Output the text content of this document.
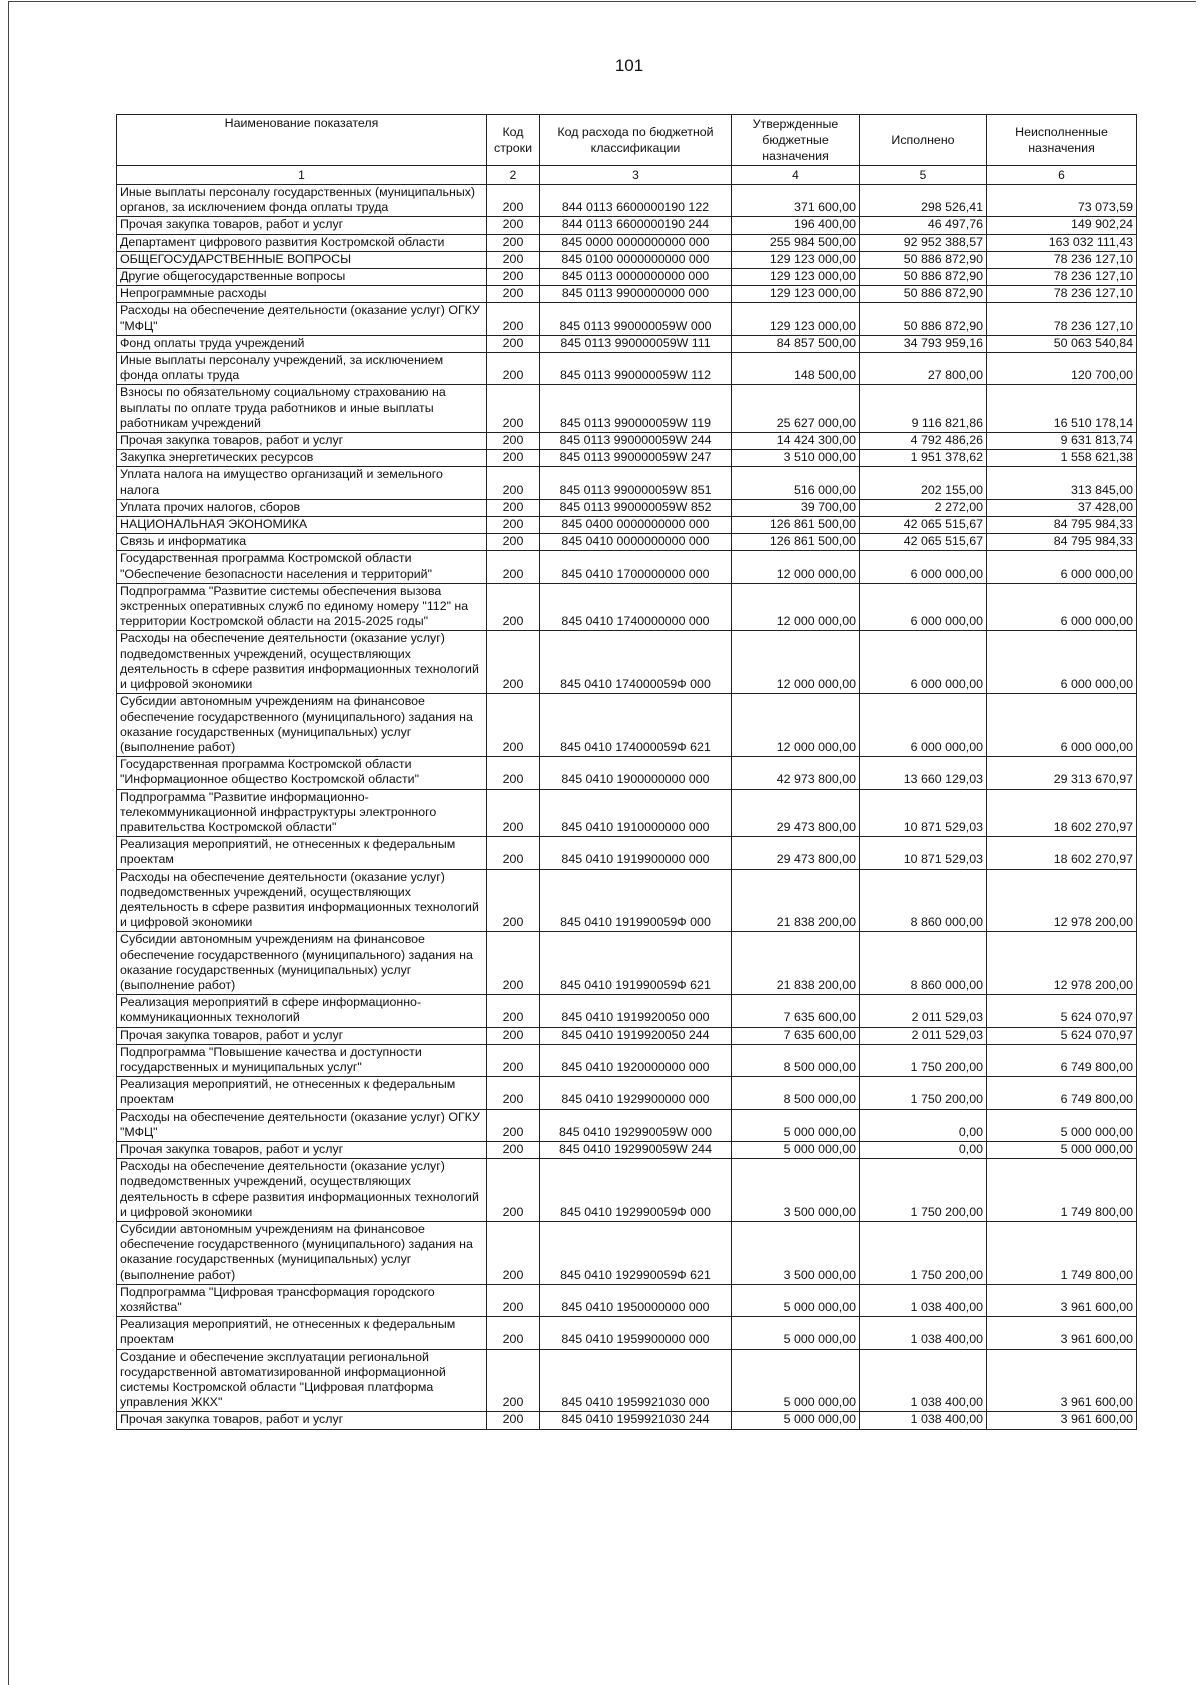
101
Наименование показателя	Код строки	Код расхода по бюджетной классификации	Утвержденные бюджетные назначения	Исполнено	Неисполненные назначения
1	2	3	4	5	6
Иные выплаты персоналу государственных (муниципальных) органов, за исключением фонда оплаты труда	200	844 0113 6600000190 122	371 600,00	298 526,41	73 073,59
Прочая закупка товаров, работ и услуг	200	844 0113 6600000190 244	196 400,00	46 497,76	149 902,24
Департамент цифрового развития Костромской области	200	845 0000 0000000000 000	255 984 500,00	92 952 388,57	163 032 111,43
ОБЩЕГОСУДАРСТВЕННЫЕ ВОПРОСЫ	200	845 0100 0000000000 000	129 123 000,00	50 886 872,90	78 236 127,10
Другие общегосударственные вопросы	200	845 0113 0000000000 000	129 123 000,00	50 886 872,90	78 236 127,10
Непрограммные расходы	200	845 0113 9900000000 000	129 123 000,00	50 886 872,90	78 236 127,10
Расходы на обеспечение деятельности (оказание услуг) ОГКУ "МФЦ"	200	845 0113 990000059W 000	129 123 000,00	50 886 872,90	78 236 127,10
Фонд оплаты труда учреждений	200	845 0113 990000059W 111	84 857 500,00	34 793 959,16	50 063 540,84
Иные выплаты персоналу учреждений, за исключением фонда оплаты труда	200	845 0113 990000059W 112	148 500,00	27 800,00	120 700,00
Взносы по обязательному социальному страхованию на выплаты по оплате труда работников и иные выплаты работникам учреждений	200	845 0113 990000059W 119	25 627 000,00	9 116 821,86	16 510 178,14
Прочая закупка товаров, работ и услуг	200	845 0113 990000059W 244	14 424 300,00	4 792 486,26	9 631 813,74
Закупка энергетических ресурсов	200	845 0113 990000059W 247	3 510 000,00	1 951 378,62	1 558 621,38
Уплата налога на имущество организаций и земельного налога	200	845 0113 990000059W 851	516 000,00	202 155,00	313 845,00
Уплата прочих налогов, сборов	200	845 0113 990000059W 852	39 700,00	2 272,00	37 428,00
НАЦИОНАЛЬНАЯ ЭКОНОМИКА	200	845 0400 0000000000 000	126 861 500,00	42 065 515,67	84 795 984,33
Связь и информатика	200	845 0410 0000000000 000	126 861 500,00	42 065 515,67	84 795 984,33
Государственная программа Костромской области "Обеспечение безопасности населения и территорий"	200	845 0410 1700000000 000	12 000 000,00	6 000 000,00	6 000 000,00
Подпрограмма "Развитие системы обеспечения вызова экстренных оперативных служб по единому номеру "112" на территории Костромской области на 2015-2025 годы"	200	845 0410 1740000000 000	12 000 000,00	6 000 000,00	6 000 000,00
Расходы на обеспечение деятельности (оказание услуг) подведомственных учреждений, осуществляющих деятельность в сфере развития информационных технологий и цифровой экономики	200	845 0410 174000059Ф 000	12 000 000,00	6 000 000,00	6 000 000,00
Субсидии автономным учреждениям на финансовое обеспечение государственного (муниципального) задания на оказание государственных (муниципальных) услуг (выполнение работ)	200	845 0410 174000059Ф 621	12 000 000,00	6 000 000,00	6 000 000,00
Государственная программа Костромской области "Информационное общество Костромской области"	200	845 0410 1900000000 000	42 973 800,00	13 660 129,03	29 313 670,97
Подпрограмма "Развитие информационно-телекоммуникационной инфраструктуры электронного правительства Костромской области"	200	845 0410 1910000000 000	29 473 800,00	10 871 529,03	18 602 270,97
Реализация мероприятий, не отнесенных к федеральным проектам	200	845 0410 1919900000 000	29 473 800,00	10 871 529,03	18 602 270,97
Расходы на обеспечение деятельности (оказание услуг) подведомственных учреждений, осуществляющих деятельность в сфере развития информационных технологий и цифровой экономики	200	845 0410 191990059Ф 000	21 838 200,00	8 860 000,00	12 978 200,00
Субсидии автономным учреждениям на финансовое обеспечение государственного (муниципального) задания на оказание государственных (муниципальных) услуг (выполнение работ)	200	845 0410 191990059Ф 621	21 838 200,00	8 860 000,00	12 978 200,00
Реализация мероприятий в сфере информационно-коммуникационных технологий	200	845 0410 1919920050 000	7 635 600,00	2 011 529,03	5 624 070,97
Прочая закупка товаров, работ и услуг	200	845 0410 1919920050 244	7 635 600,00	2 011 529,03	5 624 070,97
Подпрограмма "Повышение качества и доступности государственных и муниципальных услуг"	200	845 0410 1920000000 000	8 500 000,00	1 750 200,00	6 749 800,00
Реализация мероприятий, не отнесенных к федеральным проектам	200	845 0410 1929900000 000	8 500 000,00	1 750 200,00	6 749 800,00
Расходы на обеспечение деятельности (оказание услуг) ОГКУ "МФЦ"	200	845 0410 192990059W 000	5 000 000,00	0,00	5 000 000,00
Прочая закупка товаров, работ и услуг	200	845 0410 192990059W 244	5 000 000,00	0,00	5 000 000,00
Расходы на обеспечение деятельности (оказание услуг) подведомственных учреждений, осуществляющих деятельность в сфере развития информационных технологий и цифровой экономики	200	845 0410 192990059Ф 000	3 500 000,00	1 750 200,00	1 749 800,00
Субсидии автономным учреждениям на финансовое обеспечение государственного (муниципального) задания на оказание государственных (муниципальных) услуг (выполнение работ)	200	845 0410 192990059Ф 621	3 500 000,00	1 750 200,00	1 749 800,00
Подпрограмма "Цифровая трансформация городского хозяйства"	200	845 0410 1950000000 000	5 000 000,00	1 038 400,00	3 961 600,00
Реализация мероприятий, не отнесенных к федеральным проектам	200	845 0410 1959900000 000	5 000 000,00	1 038 400,00	3 961 600,00
Создание и обеспечение эксплуатации региональной государственной автоматизированной информационной системы Костромской области "Цифровая платформа управления ЖКХ"	200	845 0410 1959921030 000	5 000 000,00	1 038 400,00	3 961 600,00
Прочая закупка товаров, работ и услуг	200	845 0410 1959921030 244	5 000 000,00	1 038 400,00	3 961 600,00
